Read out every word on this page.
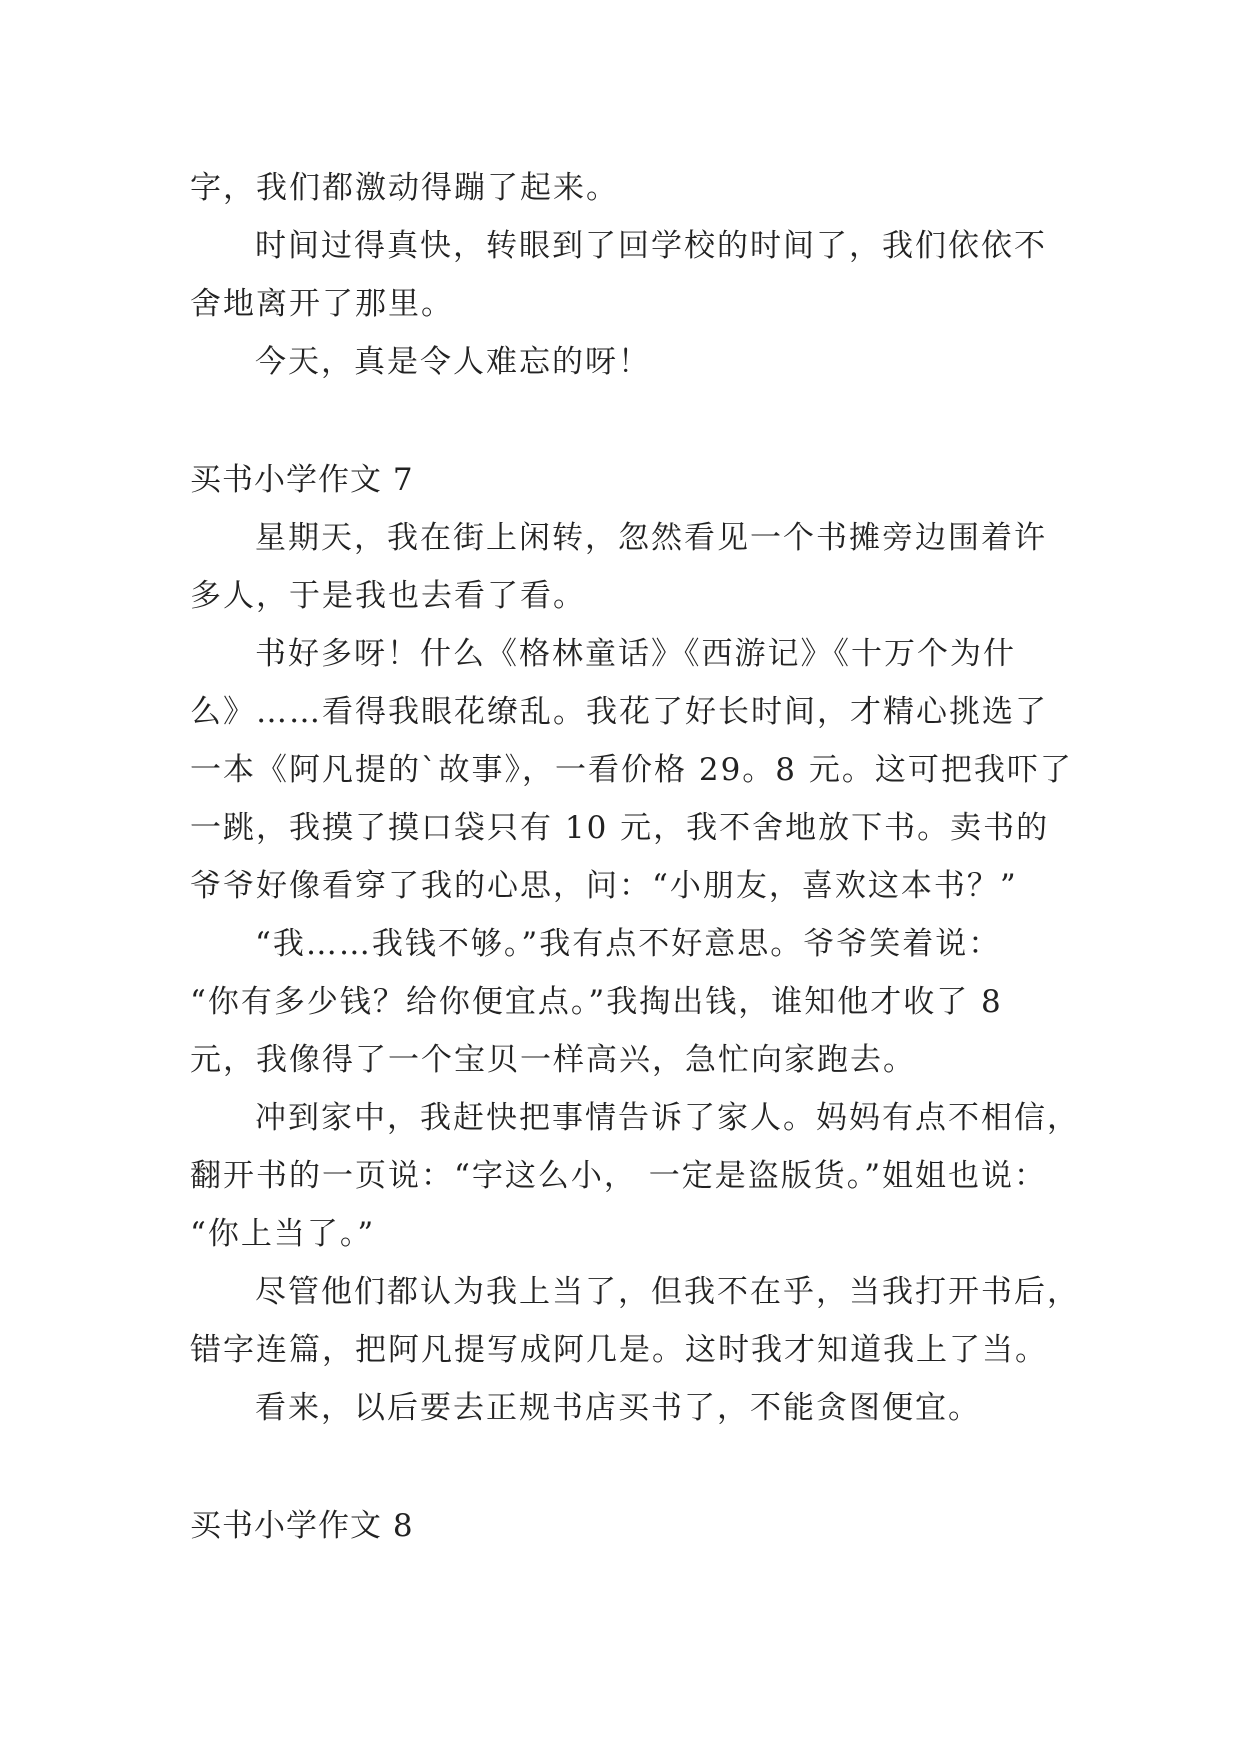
字，我们都激动得蹦了起来。
时间过得真快，转眼到了回学校的时间了，我们依依不
舍地离开了那里。
今天，真是令人难忘的呀！
买书小学作文 7
星期天，我在街上闲转，忽然看见一个书摊旁边围着许
多人，于是我也去看了看。
书好多呀！什么《格林童话》《西游记》《十万个为什
么》……看得我眼花缭乱。我花了好长时间，才精心挑选了
一本《阿凡提的`故事》，一看价格 29。8 元。这可把我吓了
一跳，我摸了摸口袋只有 10 元，我不舍地放下书。卖书的
爷爷好像看穿了我的心思，问：“小朋友，喜欢这本书？”
“我……我钱不够。”我有点不好意思。爷爷笑着说：
“你有多少钱？给你便宜点。”我掏出钱，谁知他才收了 8
元，我像得了一个宝贝一样高兴，急忙向家跑去。
冲到家中，我赶快把事情告诉了家人。妈妈有点不相信，
翻开书的一页说：“字这么小， 一定是盗版货。”姐姐也说：
“你上当了。”
尽管他们都认为我上当了，但我不在乎，当我打开书后，
错字连篇，把阿凡提写成阿几是。这时我才知道我上了当。
看来，以后要去正规书店买书了，不能贪图便宜。
买书小学作文 8
